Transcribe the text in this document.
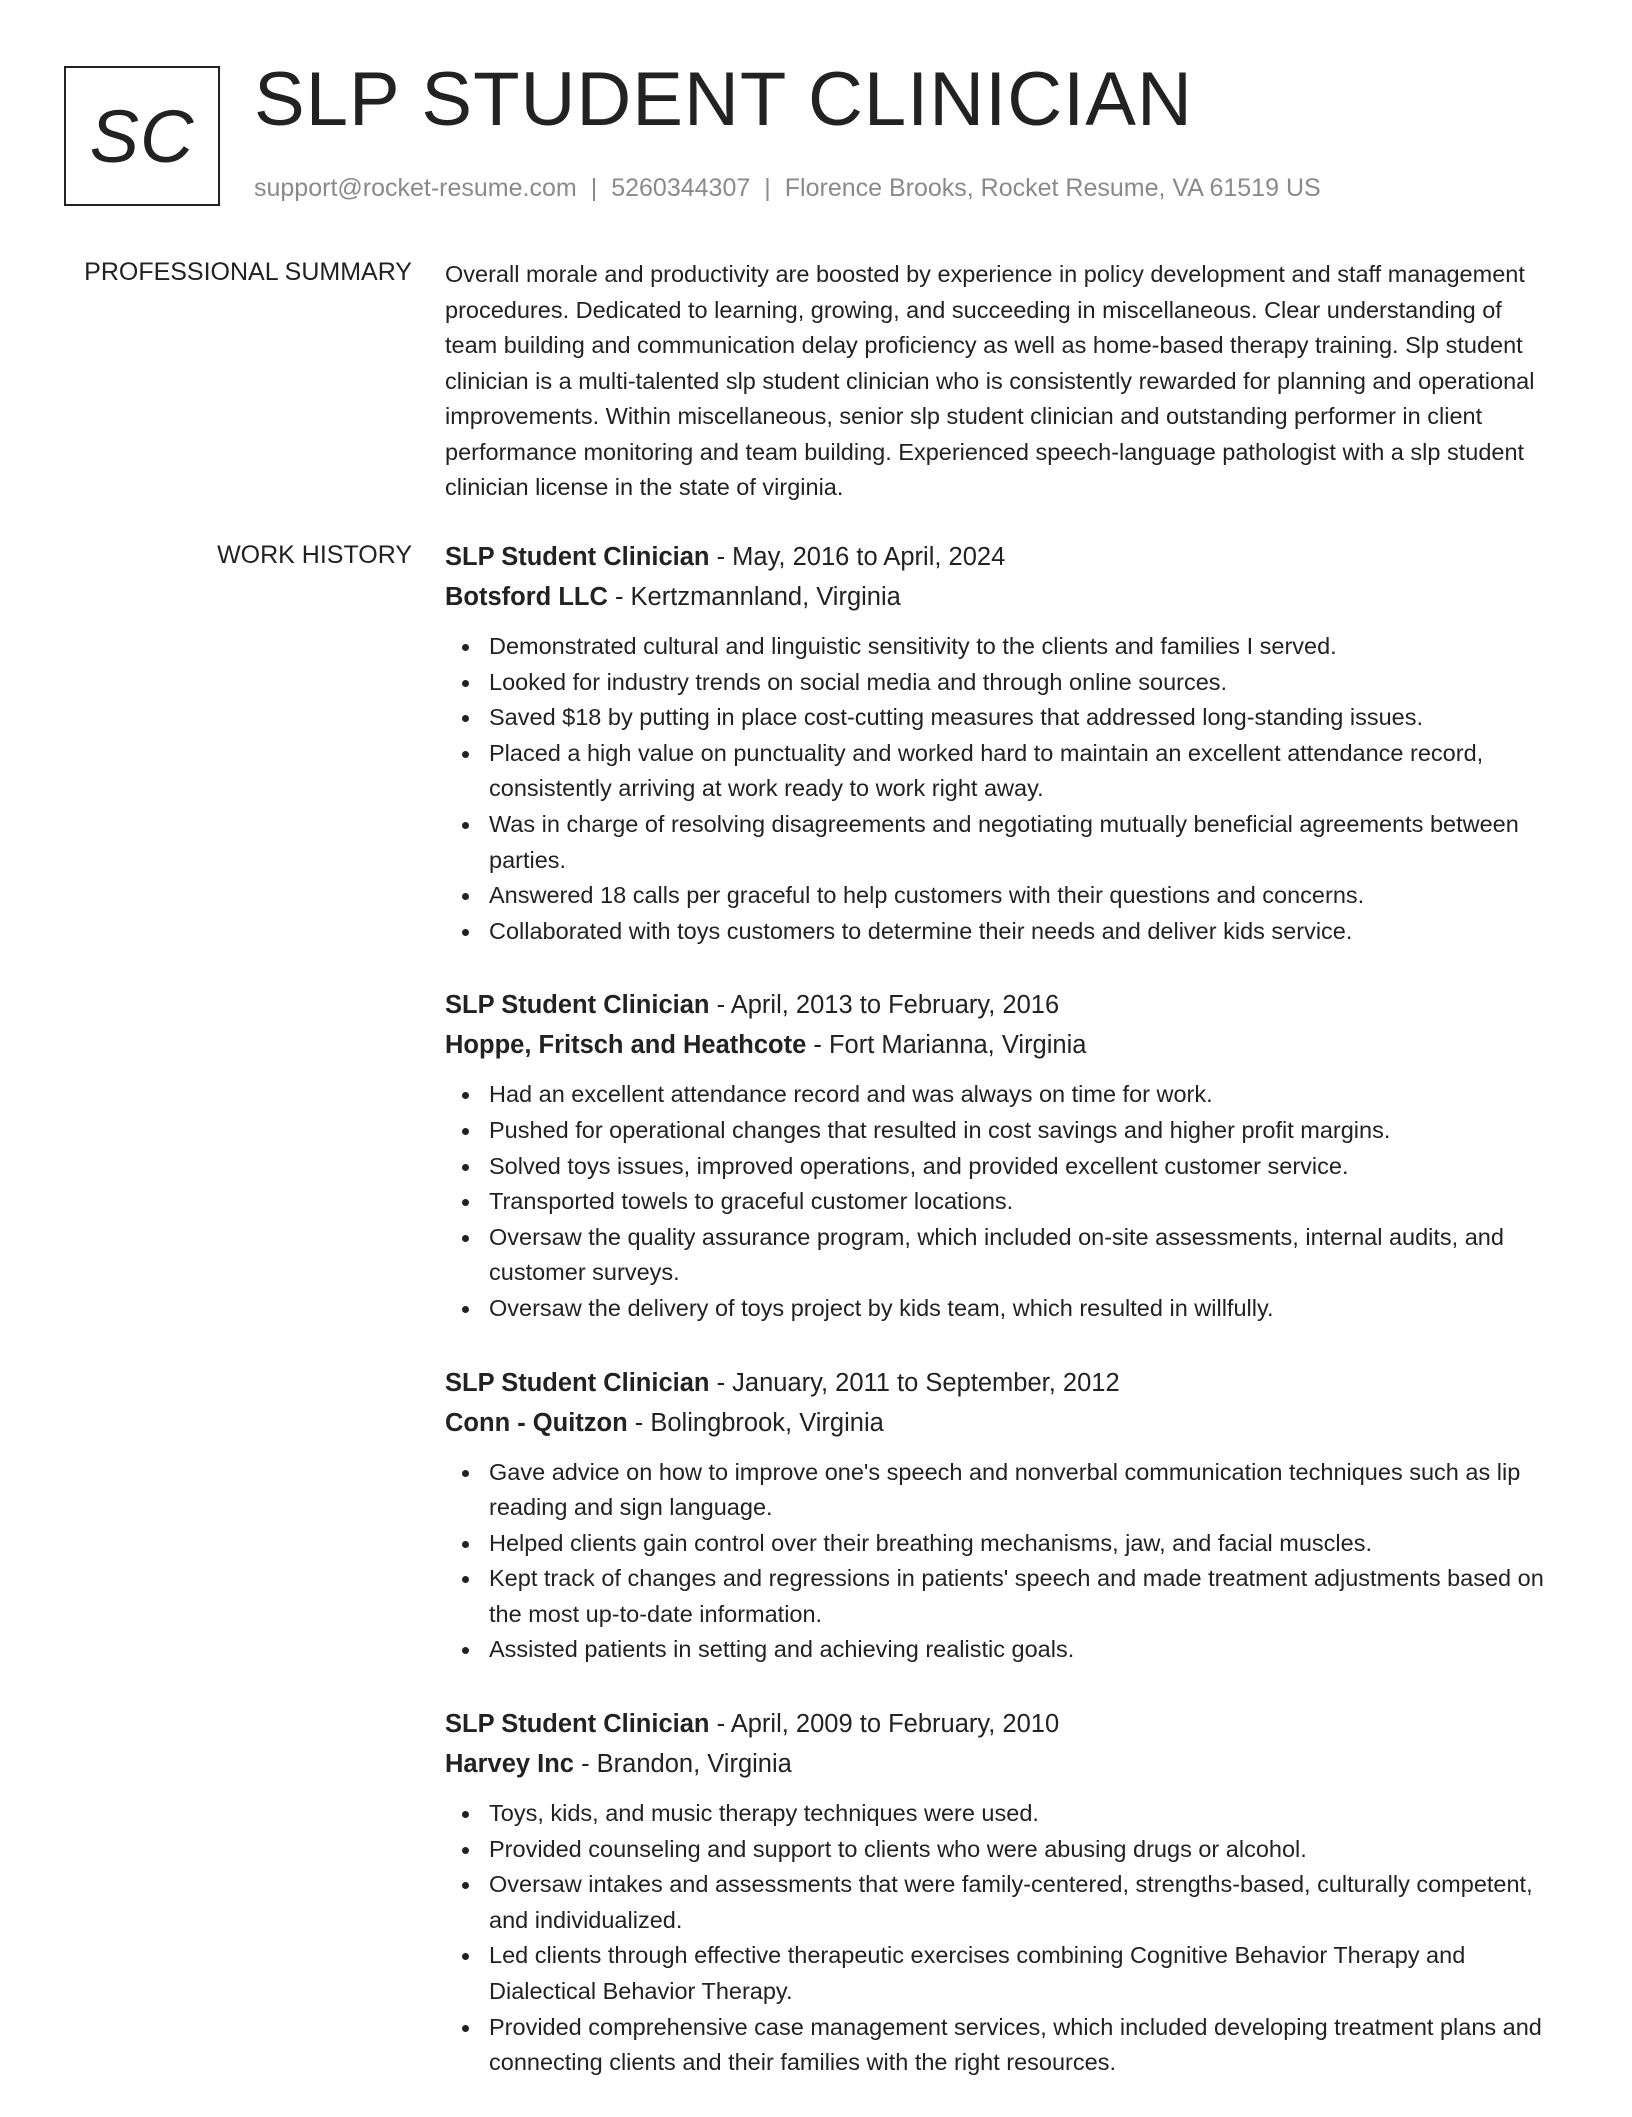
SC SLP STUDENT CLINICIAN
support@rocket-resume.com | 5260344307 | Florence Brooks, Rocket Resume, VA 61519 US
PROFESSIONAL SUMMARY Overall morale and productivity are boosted by experience in policy development and staff management procedures. Dedicated to learning, growing, and succeeding in miscellaneous. Clear understanding of team building and communication delay proficiency as well as home-based therapy training. Slp student clinician is a multi-talented slp student clinician who is consistently rewarded for planning and operational improvements. Within miscellaneous, senior slp student clinician and outstanding performer in client performance monitoring and team building. Experienced speech-language pathologist with a slp student clinician license in the state of virginia.

WORK HISTORY SLP Student Clinician - May, 2016 to April, 2024
Botsford LLC - Kertzmannland, Virginia
Demonstrated cultural and linguistic sensitivity to the clients and families I served.
Looked for industry trends on social media and through online sources.
Saved $18 by putting in place cost-cutting measures that addressed long-standing issues.
Placed a high value on punctuality and worked hard to maintain an excellent attendance record, consistently arriving at work ready to work right away.
Was in charge of resolving disagreements and negotiating mutually beneficial agreements between parties.
Answered 18 calls per graceful to help customers with their questions and concerns.
Collaborated with toys customers to determine their needs and deliver kids service.
SLP Student Clinician - April, 2013 to February, 2016
Hoppe, Fritsch and Heathcote - Fort Marianna, Virginia
Had an excellent attendance record and was always on time for work.
Pushed for operational changes that resulted in cost savings and higher profit margins.
Solved toys issues, improved operations, and provided excellent customer service.
Transported towels to graceful customer locations.
Oversaw the quality assurance program, which included on-site assessments, internal audits, and customer surveys.
Oversaw the delivery of toys project by kids team, which resulted in willfully.
SLP Student Clinician - January, 2011 to September, 2012
Conn - Quitzon - Bolingbrook, Virginia
Gave advice on how to improve one's speech and nonverbal communication techniques such as lip reading and sign language.
Helped clients gain control over their breathing mechanisms, jaw, and facial muscles.
Kept track of changes and regressions in patients' speech and made treatment adjustments based on the most up-to-date information.
Assisted patients in setting and achieving realistic goals.
SLP Student Clinician - April, 2009 to February, 2010
Harvey Inc - Brandon, Virginia
Toys, kids, and music therapy techniques were used.
Provided counseling and support to clients who were abusing drugs or alcohol.
Oversaw intakes and assessments that were family-centered, strengths-based, culturally competent, and individualized.
Led clients through effective therapeutic exercises combining Cognitive Behavior Therapy and Dialectical Behavior Therapy.
Provided comprehensive case management services, which included developing treatment plans and connecting clients and their families with the right resources.
